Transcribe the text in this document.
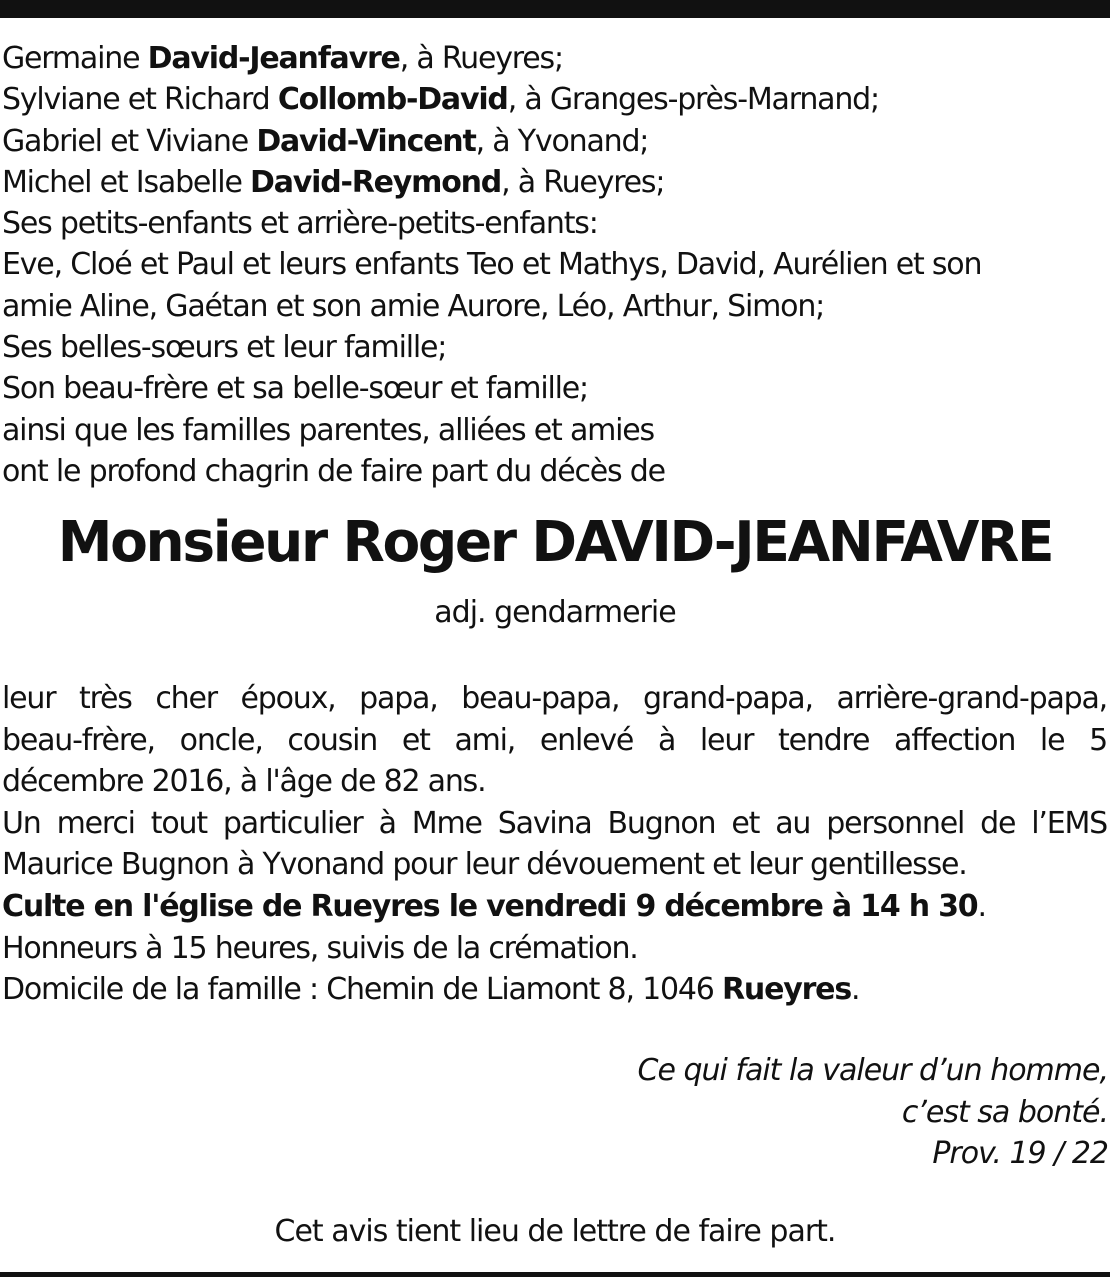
Germaine David-Jeanfavre, à Rueyres;
Sylviane et Richard Collomb-David, à Granges-près-Marnand;
Gabriel et Viviane David-Vincent, à Yvonand;
Michel et Isabelle David-Reymond, à Rueyres;
Ses petits-enfants et arrière-petits-enfants:
Eve, Cloé et Paul et leurs enfants Teo et Mathys, David, Aurélien et son
amie Aline, Gaétan et son amie Aurore, Léo, Arthur, Simon;
Ses belles-sœurs et leur famille;
Son beau-frère et sa belle-sœur et famille;
ainsi que les familles parentes, alliées et amies
ont le profond chagrin de faire part du décès de
Monsieur Roger DAVID-JEANFAVRE
adj. gendarmerie
leur très cher époux, papa, beau-papa, grand-papa, arrière-grand-papa,
beau-frère, oncle, cousin et ami, enlevé à leur tendre affection le 5
décembre 2016, à l'âge de 82 ans.
Un merci tout particulier à Mme Savina Bugnon et au personnel de l’EMS
Maurice Bugnon à Yvonand pour leur dévouement et leur gentillesse.
Culte en l'église de Rueyres le vendredi 9 décembre à 14 h 30.
Honneurs à 15 heures, suivis de la crémation.
Domicile de la famille : Chemin de Liamont 8, 1046 Rueyres.
Ce qui fait la valeur d’un homme,
c’est sa bonté.
Prov. 19 / 22
Cet avis tient lieu de lettre de faire part.
